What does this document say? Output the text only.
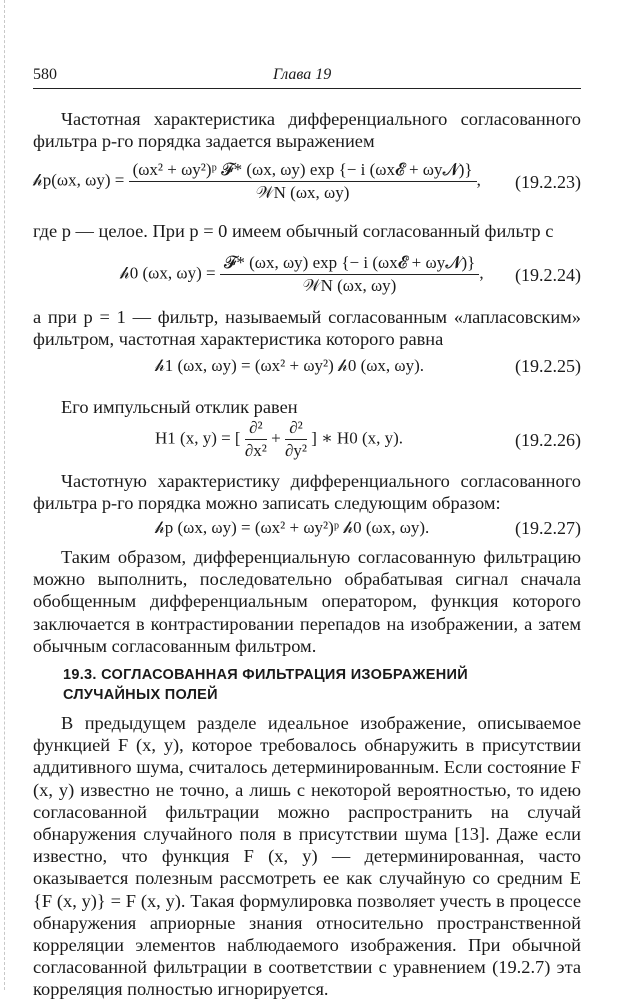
580	Глава 19
Частотная характеристика дифференциального согласованного фильтра p-го порядка задается выражением
𝒽p(ωx, $\omega y) = \frac{\text{(ωx² + ωy²)ᵖ 𝓕* (ωx, ωy) exp \{− i (ωx𝓔 + ωy𝓝)\}}}{\text{𝒲N (ωx, ωy)}}$ , (19.2.23)
где p — целое. При p = 0 имеем обычный согласованный фильтр с
𝒽0 (ωx, $\omega y) = \frac{\text{𝓕* (ωx, ωy) exp \{− i (ωx𝓔 + ωy𝓝)\}}}{\text{𝒲N (ωx, ωy)}}$ , (19.2.24)
а при p = 1 — фильтр, называемый согласованным «лапласовским» фильтром, частотная характеристика которого равна
𝒽1 (ωx, ωy) = (ωx² + ωy²) 𝒽0 (ωx, ωy).	(19.2.25)
Его импульсный отклик равен
H1 (x, y) = [ $\frac{\text{∂²}}{\text{∂x²}} + \frac{\text{∂²}}{\text{∂y²}}$ ] ∗ H0 (x, y).	(19.2.26)
Частотную характеристику дифференциального согласованного фильтра p-го порядка можно записать следующим образом:
𝒽p (ωx, ωy) = (ωx² + ωy²)ᵖ 𝒽0 (ωx, ωy).	(19.2.27)
Таким образом, дифференциальную согласованную фильтрацию можно выполнить, последовательно обрабатывая сигнал сначала обобщенным дифференциальным оператором, функция которого заключается в контрастировании перепадов на изображении, а затем обычным согласованным фильтром.
19.3. СОГЛАСОВАННАЯ ФИЛЬТРАЦИЯ ИЗОБРАЖЕНИЙ
СЛУЧАЙНЫХ ПОЛЕЙ
В предыдущем разделе идеальное изображение, описываемое функцией F (x, y), которое требовалось обнаружить в присутствии аддитивного шума, считалось детерминированным. Если состояние F (x, y) известно не точно, а лишь с некоторой вероятностью, то идею согласованной фильтрации можно распространить на случай обнаружения случайного поля в присутствии шума [13]. Даже если известно, что функция F (x, y) — детерминированная, часто оказывается полезным рассмотреть ее как случайную со средним E {F (x, y)} = F (x, y). Такая формулировка позволяет учесть в процессе обнаружения априорные знания относительно пространственной корреляции элементов наблюдаемого изображения. При обычной согласованной фильтрации в соответствии с уравнением (19.2.7) эта корреляция полностью игнорируется.
